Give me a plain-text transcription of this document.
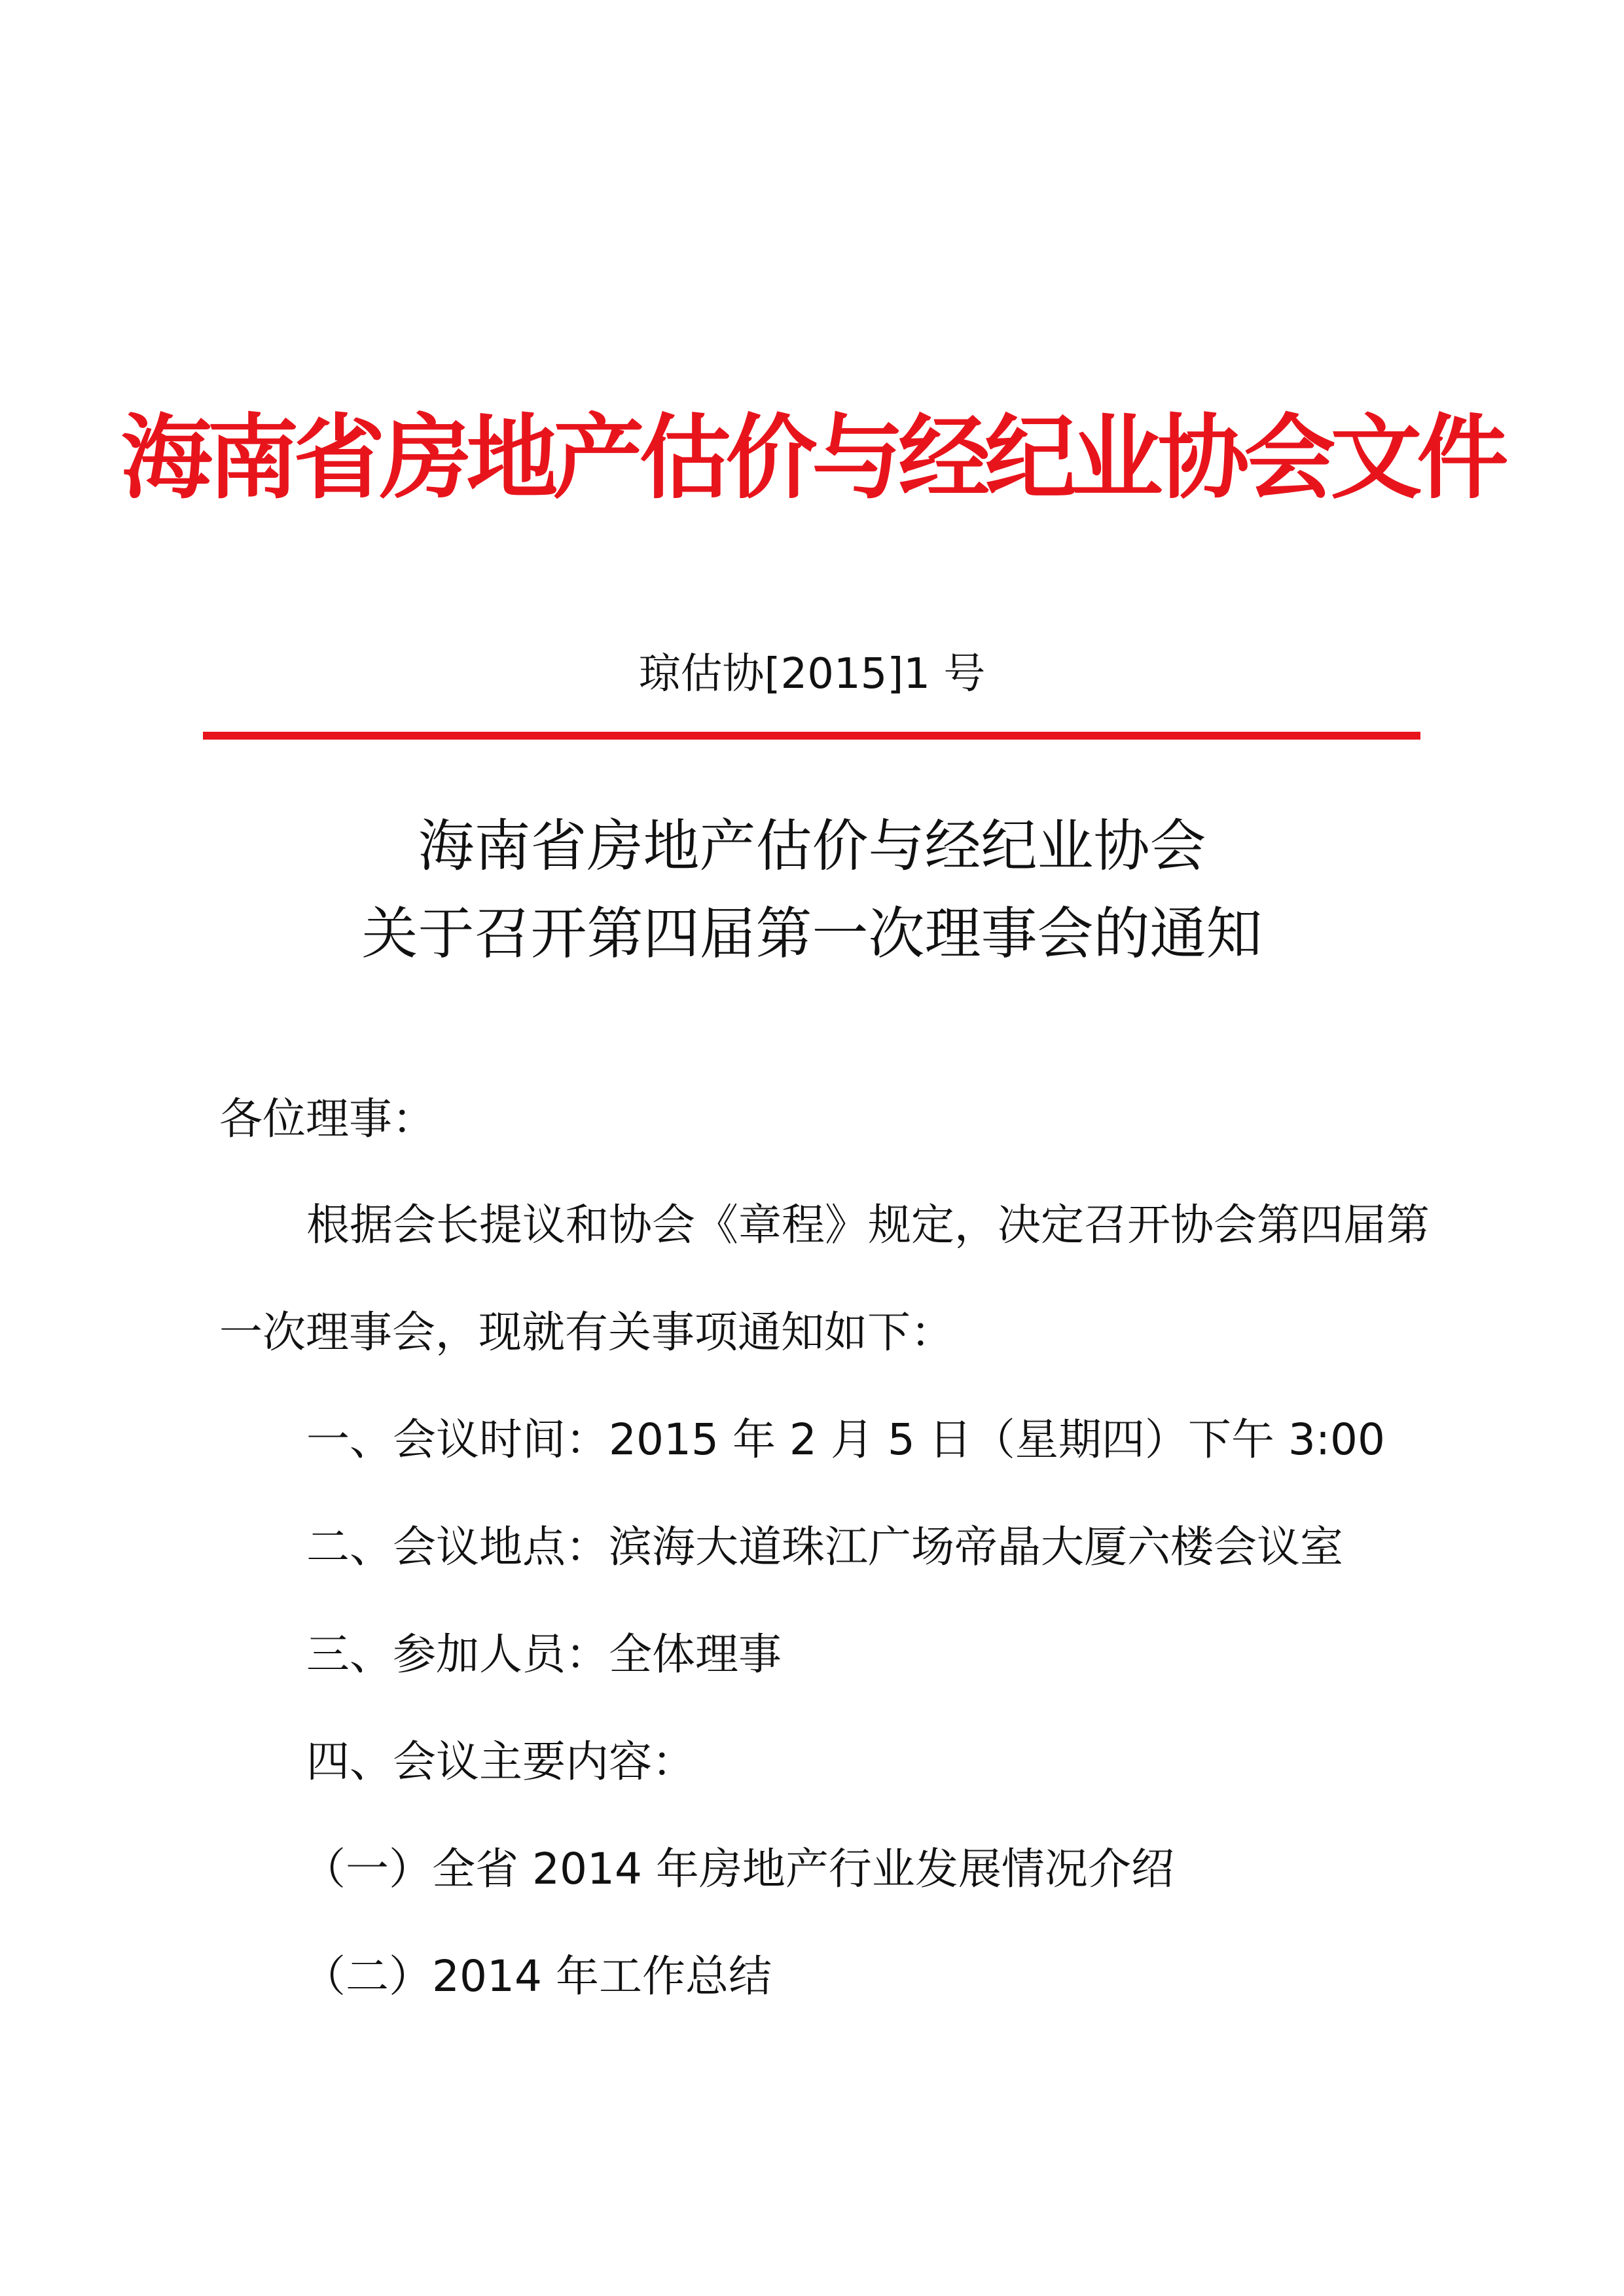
海南省房地产估价与经纪业协会文件
琼估协[2015]1 号
海南省房地产估价与经纪业协会
关于召开第四届第一次理事会的通知
各位理事：
根据会长提议和协会《章程》规定，决定召开协会第四届第
一次理事会，现就有关事项通知如下：
一、会议时间：2015 年 2 月 5 日（星期四）下午 3:00
二、会议地点：滨海大道珠江广场帝晶大厦六楼会议室
三、参加人员：全体理事
四、会议主要内容：
（一）全省 2014 年房地产行业发展情况介绍
（二）2014 年工作总结
